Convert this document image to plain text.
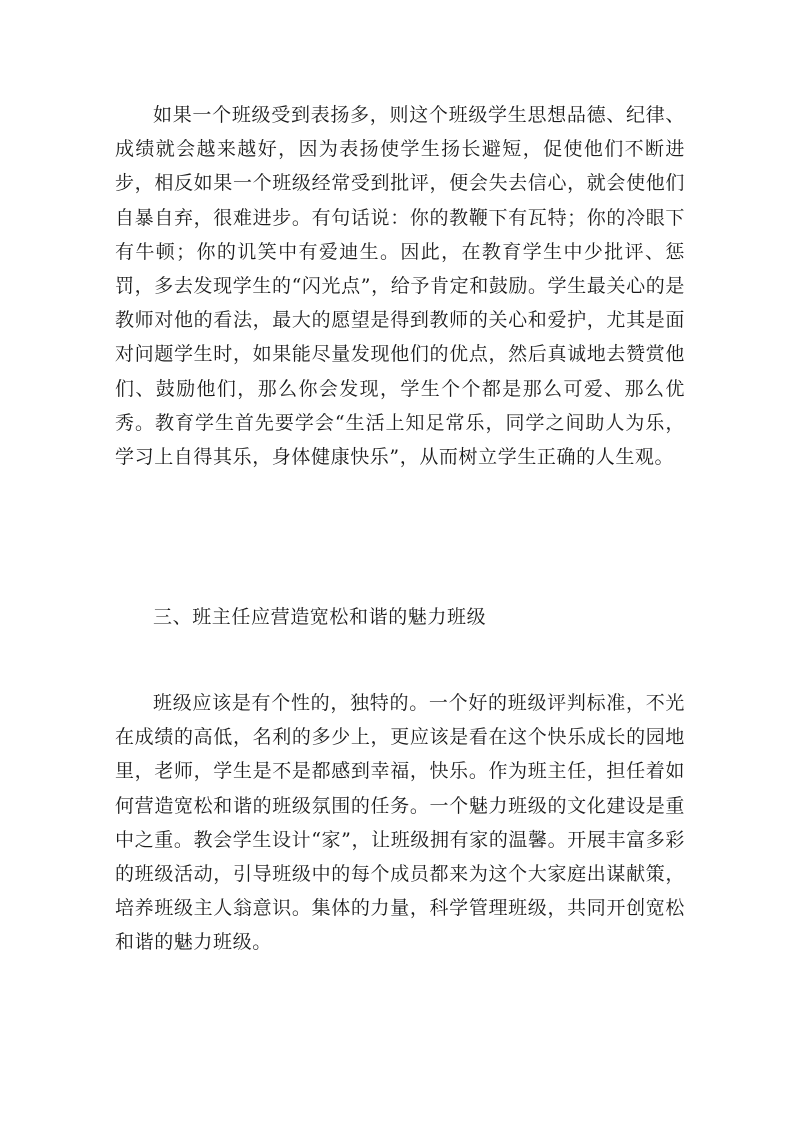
如果一个班级受到表扬多，则这个班级学生思想品德、纪律、成绩就会越来越好，因为表扬使学生扬长避短，促使他们不断进步，相反如果一个班级经常受到批评，便会失去信心，就会使他们自暴自弃，很难进步。有句话说：你的教鞭下有瓦特；你的冷眼下有牛顿；你的讥笑中有爱迪生。因此，在教育学生中少批评、惩罚，多去发现学生的“闪光点”，给予肯定和鼓励。学生最关心的是教师对他的看法，最大的愿望是得到教师的关心和爱护，尤其是面对问题学生时，如果能尽量发现他们的优点，然后真诚地去赞赏他们、鼓励他们，那么你会发现，学生个个都是那么可爱、那么优秀。教育学生首先要学会“生活上知足常乐，同学之间助人为乐，学习上自得其乐，身体健康快乐”，从而树立学生正确的人生观。

三、班主任应营造宽松和谐的魅力班级

班级应该是有个性的，独特的。一个好的班级评判标准，不光在成绩的高低，名利的多少上，更应该是看在这个快乐成长的园地里，老师，学生是不是都感到幸福，快乐。作为班主任，担任着如何营造宽松和谐的班级氛围的任务。一个魅力班级的文化建设是重中之重。教会学生设计“家”，让班级拥有家的温馨。开展丰富多彩的班级活动，引导班级中的每个成员都来为这个大家庭出谋献策，培养班级主人翁意识。集体的力量，科学管理班级，共同开创宽松和谐的魅力班级。
